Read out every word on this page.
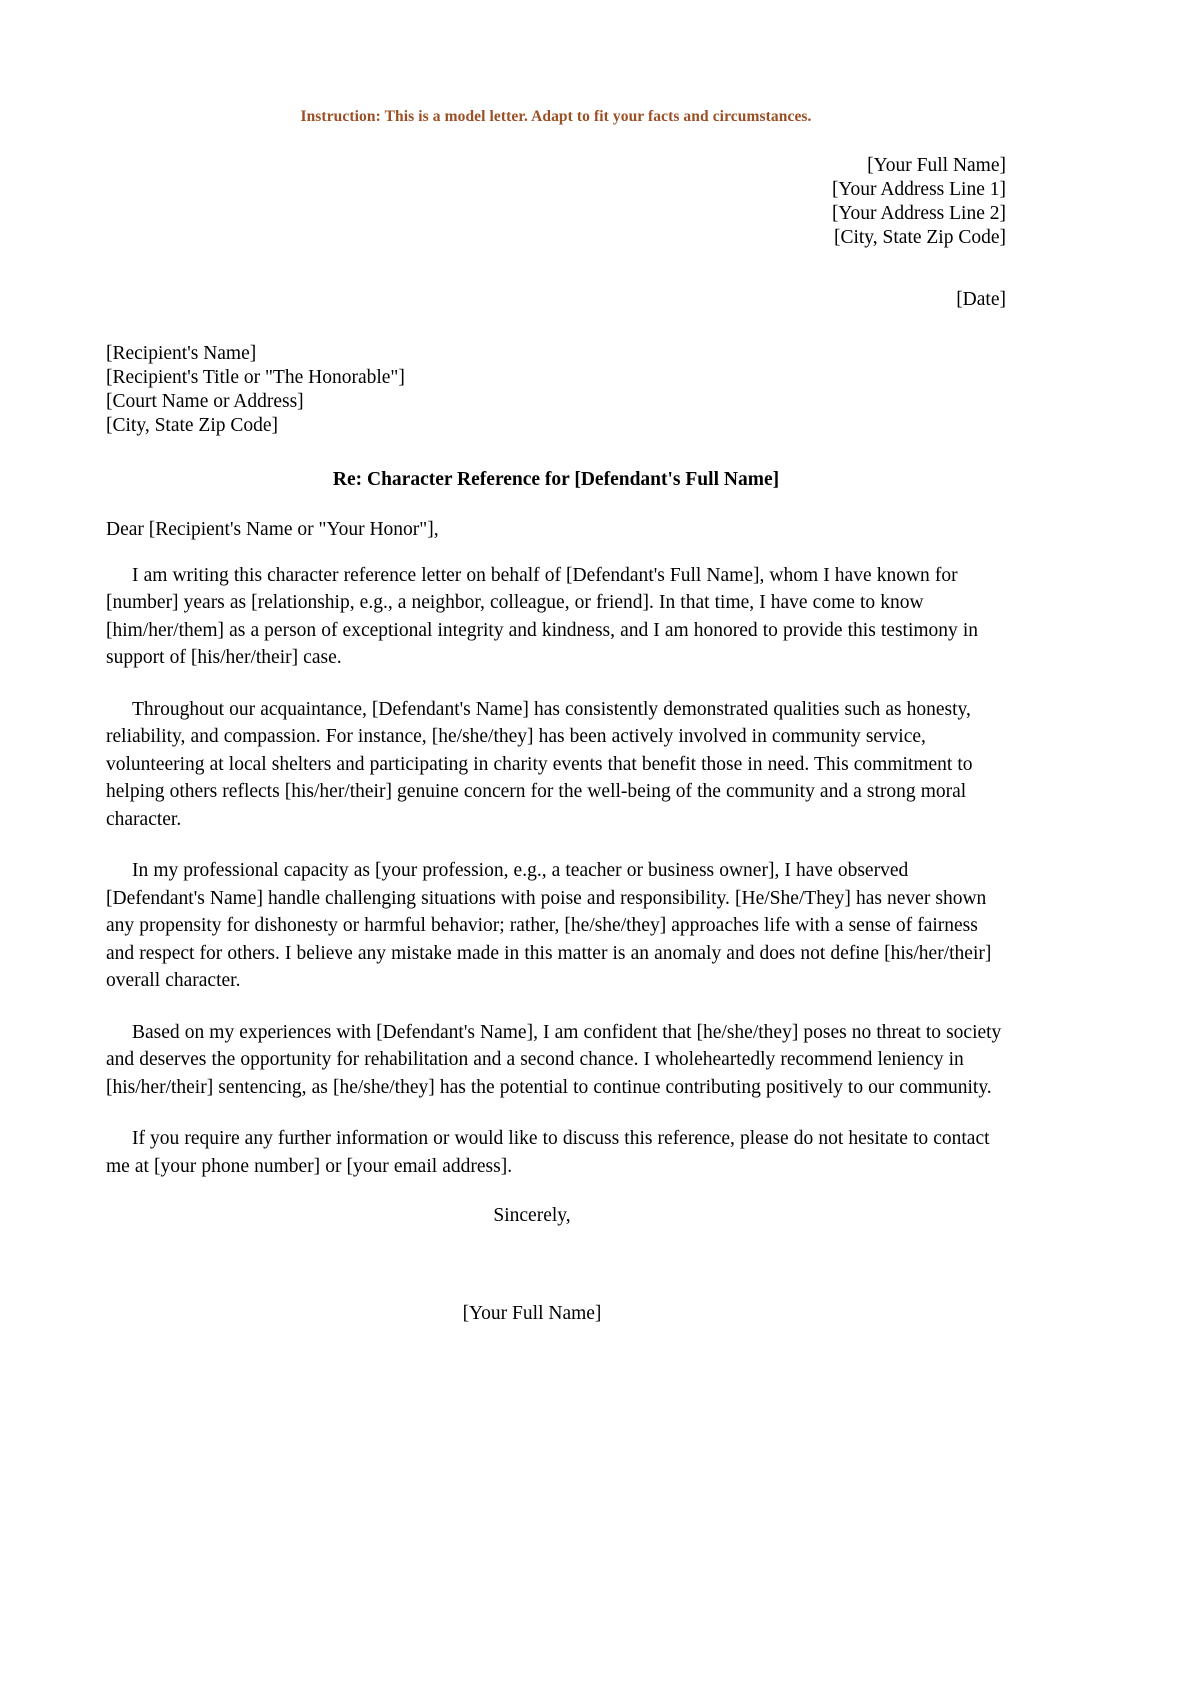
Instruction: This is a model letter. Adapt to fit your facts and circumstances.
[Your Full Name]
[Your Address Line 1]
[Your Address Line 2]
[City, State Zip Code]
[Date]
[Recipient's Name]
[Recipient's Title or "The Honorable"]
[Court Name or Address]
[City, State Zip Code]
Re: Character Reference for [Defendant's Full Name]
Dear [Recipient's Name or "Your Honor"],

I am writing this character reference letter on behalf of [Defendant's Full Name], whom I have known for [number] years as [relationship, e.g., a neighbor, colleague, or friend]. In that time, I have come to know [him/her/them] as a person of exceptional integrity and kindness, and I am honored to provide this testimony in support of [his/her/their] case.

Throughout our acquaintance, [Defendant's Name] has consistently demonstrated qualities such as honesty, reliability, and compassion. For instance, [he/she/they] has been actively involved in community service, volunteering at local shelters and participating in charity events that benefit those in need. This commitment to helping others reflects [his/her/their] genuine concern for the well-being of the community and a strong moral character.

In my professional capacity as [your profession, e.g., a teacher or business owner], I have observed [Defendant's Name] handle challenging situations with poise and responsibility. [He/She/They] has never shown any propensity for dishonesty or harmful behavior; rather, [he/she/they] approaches life with a sense of fairness and respect for others. I believe any mistake made in this matter is an anomaly and does not define [his/her/their] overall character.

Based on my experiences with [Defendant's Name], I am confident that [he/she/they] poses no threat to society and deserves the opportunity for rehabilitation and a second chance. I wholeheartedly recommend leniency in [his/her/their] sentencing, as [he/she/they] has the potential to continue contributing positively to our community.

If you require any further information or would like to discuss this reference, please do not hesitate to contact me at [your phone number] or [your email address].

Sincerely,
[Your Full Name]
